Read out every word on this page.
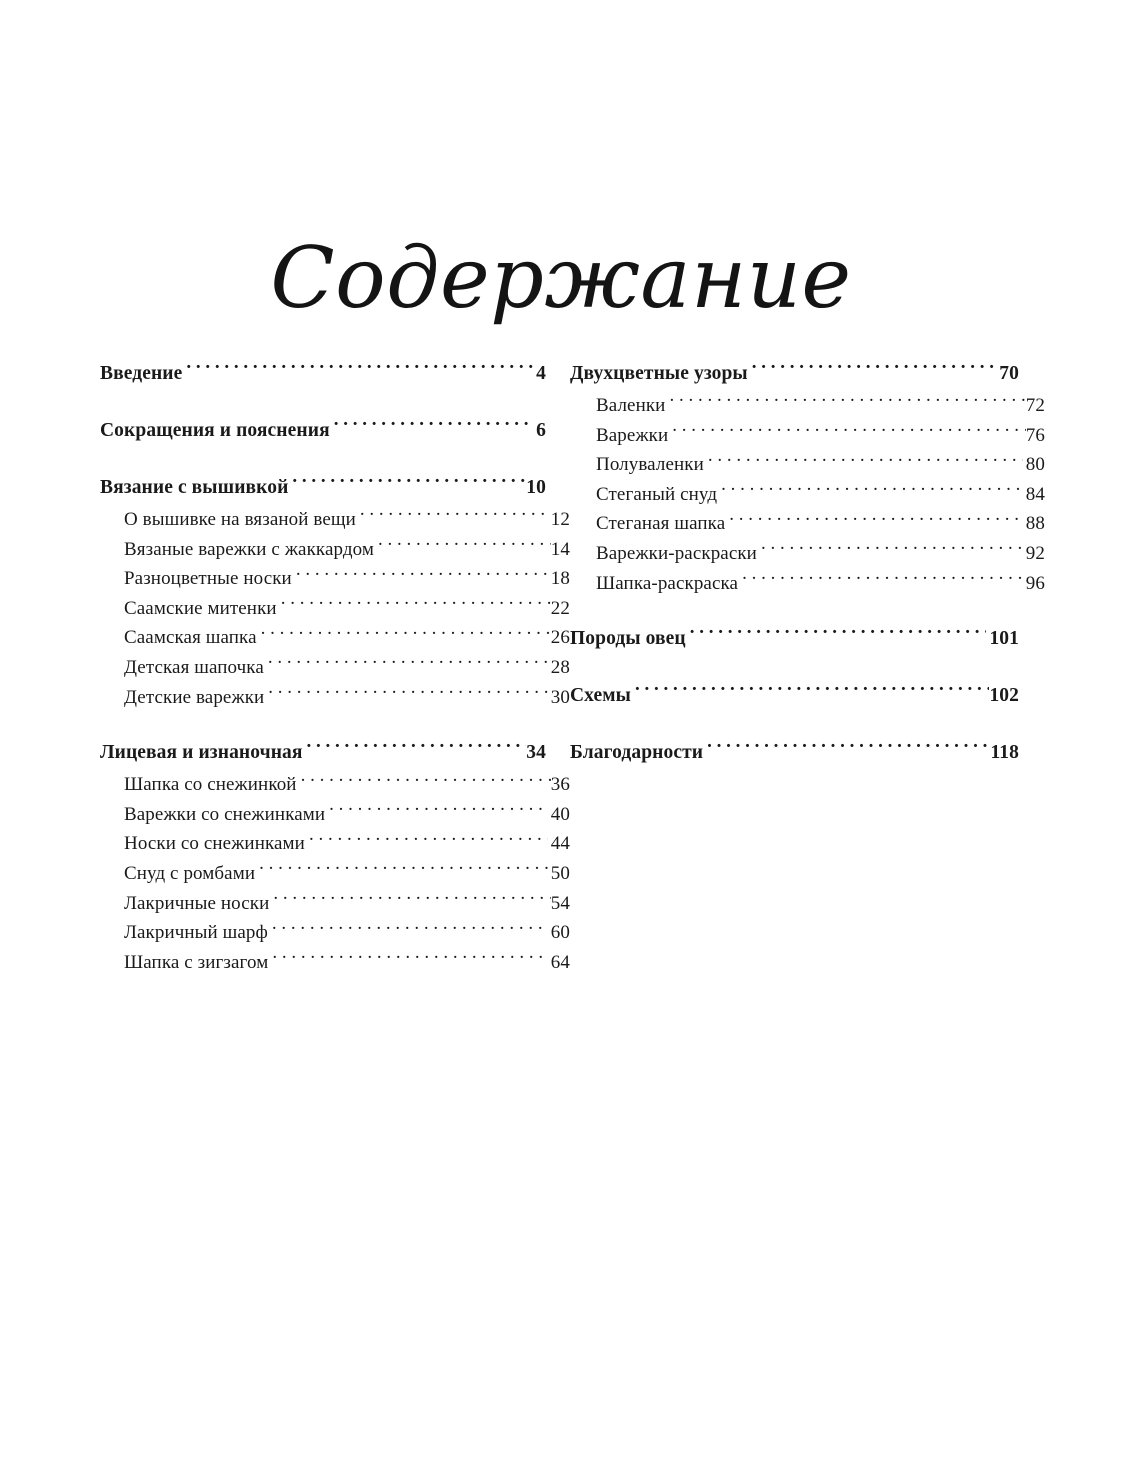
Содержание
Введение . . .	4
Сокращения и пояснения . . .	6
Вязание с вышивкой . . .	10
О вышивке на вязаной вещи . . .	12
Вязаные варежки с жаккардом . . .	14
Разноцветные носки . . .	18
Саамские митенки . . .	22
Саамская шапка . . .	26
Детская шапочка . . .	28
Детские варежки . . .	30
Лицевая и изнаночная . . .	34
Шапка со снежинкой . . .	36
Варежки со снежинками . . .	40
Носки со снежинками . . .	44
Снуд с ромбами . . .	50
Лакричные носки . . .	54
Лакричный шарф . . .	60
Шапка с зигзагом . . .	64
Двухцветные узоры . . .	70
Валенки . . .	72
Варежки . . .	76
Полуваленки . . .	80
Стеганый снуд . . .	84
Стеганая шапка . . .	88
Варежки-раскраски . . .	92
Шапка-раскраска . . .	96
Породы овец . . .	101
Схемы . . .	102
Благодарности . . .	118
